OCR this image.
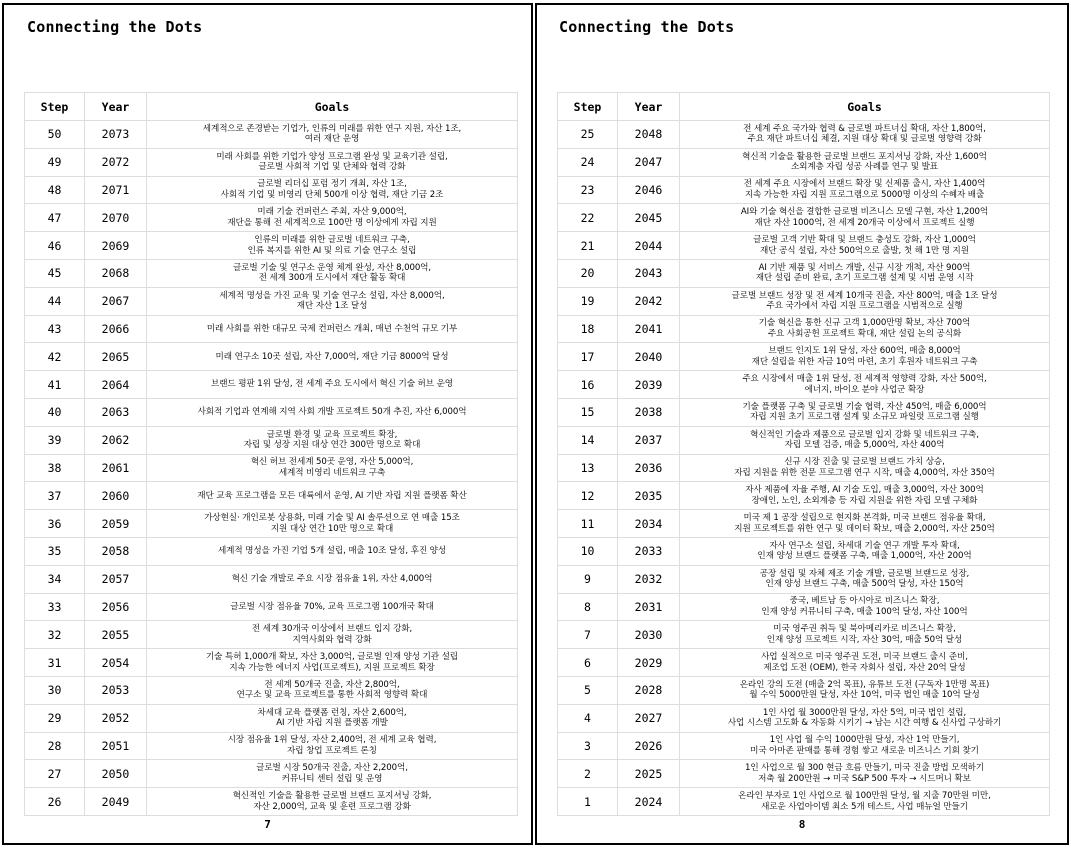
Connecting the Dots
Step	Year	Goals
50	2073	세계적으로 존경받는 기업가, 인류의 미래를 위한 연구 지원, 자산 1조,
여러 재단 운영
49	2072	미래 사회를 위한 기업가 양성 프로그램 완성 및 교육기관 설립,
글로벌 사회적 기업 및 단체와 협력 강화
48	2071	글로벌 리더십 포럼 정기 개최, 자산 1조,
사회적 기업 및 비영리 단체 500개 이상 협력, 재단 기금 2조
47	2070	미래 기술 컨퍼런스 주최, 자산 9,000억,
재단을 통해 전 세계적으로 100만 명 이상에게 자립 지원
46	2069	인류의 미래를 위한 글로벌 네트워크 구축,
인류 복지를 위한 AI 및 의료 기술 연구소 설립
45	2068	글로벌 기술 및 연구소 운영 체계 완성, 자산 8,000억,
전 세계 300개 도시에서 재단 활동 확대
44	2067	세계적 명성을 가진 교육 및 기술 연구소 설립, 자산 8,000억,
재단 자산 1조 달성
43	2066	미래 사회를 위한 대규모 국제 컨퍼런스 개최, 매년 수천억 규모 기부
42	2065	미래 연구소 10곳 설립, 자산 7,000억, 재단 기금 8000억 달성
41	2064	브랜드 평판 1위 달성, 전 세계 주요 도시에서 혁신 기술 허브 운영
40	2063	사회적 기업과 연계해 지역 사회 개발 프로젝트 50개 추진, 자산 6,000억
39	2062	글로벌 환경 및 교육 프로젝트 확장,
자립 및 성장 지원 대상 연간 300만 명으로 확대
38	2061	혁신 허브 전세계 50곳 운영, 자산 5,000억,
세계적 비영리 네트워크 구축
37	2060	재단 교육 프로그램을 모든 대륙에서 운영, AI 기반 자립 지원 플랫폼 확산
36	2059	가상현실· 개인로봇 상용화, 미래 기술 및 AI 솔루션으로 연 매출 15조
지원 대상 연간 10만 명으로 확대
35	2058	세계적 명성을 가진 기업 5개 설립, 매출 10조 달성, 후진 양성
34	2057	혁신 기술 개발로 주요 시장 점유율 1위, 자산 4,000억
33	2056	글로벌 시장 점유율 70%, 교육 프로그램 100개국 확대
32	2055	전 세계 30개국 이상에서 브랜드 입지 강화,
지역사회와 협력 강화
31	2054	기술 특허 1,000개 확보, 자산 3,000억, 글로벌 인재 양성 기관 설립
지속 가능한 에너지 사업(프로젝트), 지원 프로젝트 확장
30	2053	전 세계 50개국 진출, 자산 2,800억,
연구소 및 교육 프로젝트를 통한 사회적 영향력 확대
29	2052	차세대 교육 플랫폼 런칭, 자산 2,600억,
AI 기반 자립 지원 플랫폼 개발
28	2051	시장 점유율 1위 달성, 자산 2,400억, 전 세계 교육 협력,
자립 창업 프로젝트 론칭
27	2050	글로벌 시장 50개국 진출, 자산 2,200억,
커뮤니티 센터 설립 및 운영
26	2049	혁신적인 기술을 활용한 글로벌 브랜드 포지셔닝 강화,
자산 2,000억, 교육 및 훈련 프로그램 강화
7
Connecting the Dots
Step	Year	Goals
25	2048	전 세계 주요 국가와 협력 & 글로벌 파트너십 확대, 자산 1,800억,
주요 재단 파트너십 체결, 지원 대상 확대 및 글로벌 영향력 강화
24	2047	혁신적 기술을 활용한 글로벌 브랜드 포지셔닝 강화, 자산 1,600억
소외계층 자립 성공 사례를 연구 및 발표
23	2046	전 세계 주요 시장에서 브랜드 확장 및 신제품 출시, 자산 1,400억
지속 가능한 자립 지원 프로그램으로 5000명 이상의 수혜자 배출
22	2045	AI와 기술 혁신을 결합한 글로벌 비즈니스 모델 구현, 자산 1,200억
재단 자산 1000억, 전 세계 20개국 이상에서 프로젝트 실행
21	2044	글로벌 고객 기반 확대 및 브랜드 충성도 강화, 자산 1,000억
재단 공식 설립, 자산 500억으로 출발, 첫 해 1만 명 지원
20	2043	AI 기반 제품 및 서비스 개발, 신규 시장 개척, 자산 900억
재단 설립 준비 완료, 초기 프로그램 설계 및 시범 운영 시작
19	2042	글로벌 브랜드 성장 및 전 세계 10개국 진출, 자산 800억, 매출 1조 달성
주요 국가에서 자립 지원 프로그램을 시범적으로 실행
18	2041	기술 혁신을 통한 신규 고객 1,000만명 확보, 자산 700억
주요 사회공헌 프로젝트 확대, 재단 설립 논의 공식화
17	2040	브랜드 인지도 1위 달성, 자산 600억, 매출 8,000억
재단 설립을 위한 자금 10억 마련, 초기 후원자 네트워크 구축
16	2039	주요 시장에서 매출 1위 달성, 전 세계적 영향력 강화, 자산 500억,
에너지, 바이오 분야 사업군 확장
15	2038	기술 플랫폼 구축 및 글로벌 기술 협력, 자산 450억, 매출 6,000억
자립 지원 초기 프로그램 설계 및 소규모 파일럿 프로그램 실행
14	2037	혁신적인 기술과 제품으로 글로벌 입지 강화 및 네트워크 구축,
자립 모델 검증, 매출 5,000억, 자산 400억
13	2036	신규 시장 진출 및 글로벌 브랜드 가치 상승,
자립 지원을 위한 전문 프로그램 연구 시작, 매출 4,000억, 자산 350억
12	2035	자사 제품에 자율 주행, AI 기술 도입, 매출 3,000억, 자산 300억
장애인, 노인, 소외계층 등 자립 지원을 위한 자립 모델 구체화
11	2034	미국 제 1 공장 설립으로 현지화 본격화, 미국 브랜드 점유율 확대,
지원 프로젝트를 위한 연구 및 데이터 확보, 매출 2,000억, 자산 250억
10	2033	자사 연구소 설립, 차세대 기술 연구 개발 투자 확대,
인재 양성 브랜드 플랫폼 구축, 매출 1,000억, 자산 200억
9	2032	공장 설립 및 자체 제조 기술 개발, 글로벌 브랜드로 성장,
인재 양성 브랜드 구축, 매출 500억 달성, 자산 150억
8	2031	중국, 베트남 등 아시아로 비즈니스 확장,
인재 양성 커뮤니티 구축, 매출 100억 달성, 자산 100억
7	2030	미국 영주권 취득 및 북아메리카로 비즈니스 확장,
인재 양성 프로젝트 시작, 자산 30억, 매출 50억 달성
6	2029	사업 실적으로 미국 영주권 도전, 미국 브랜드 출시 준비,
제조업 도전 (OEM), 한국 자회사 설립, 자산 20억 달성
5	2028	온라인 강의 도전 (매출 2억 목표), 유튜브 도전 (구독자 1만명 목표)
월 수익 5000만원 달성, 자산 10억, 미국 법인 매출 10억 달성
4	2027	1인 사업 월 3000만원 달성, 자산 5억, 미국 법인 설립,
사업 시스템 고도화 & 자동화 시키기 → 남는 시간 여행 & 신사업 구상하기
3	2026	1인 사업 월 수익 1000만원 달성, 자산 1억 만들기,
미국 아마존 판매를 통해 경험 쌓고 새로운 비즈니스 기회 찾기
2	2025	1인 사업으로 월 300 현금 흐름 만들기, 미국 진출 방법 모색하기
저축 월 200만원 → 미국 S&P 500 투자 → 시드머니 확보
1	2024	온라인 부자로 1인 사업으로 월 100만원 달성, 월 지출 70만원 미만,
새로운 사업아이템 최소 5개 테스트, 사업 매뉴얼 만들기
8
